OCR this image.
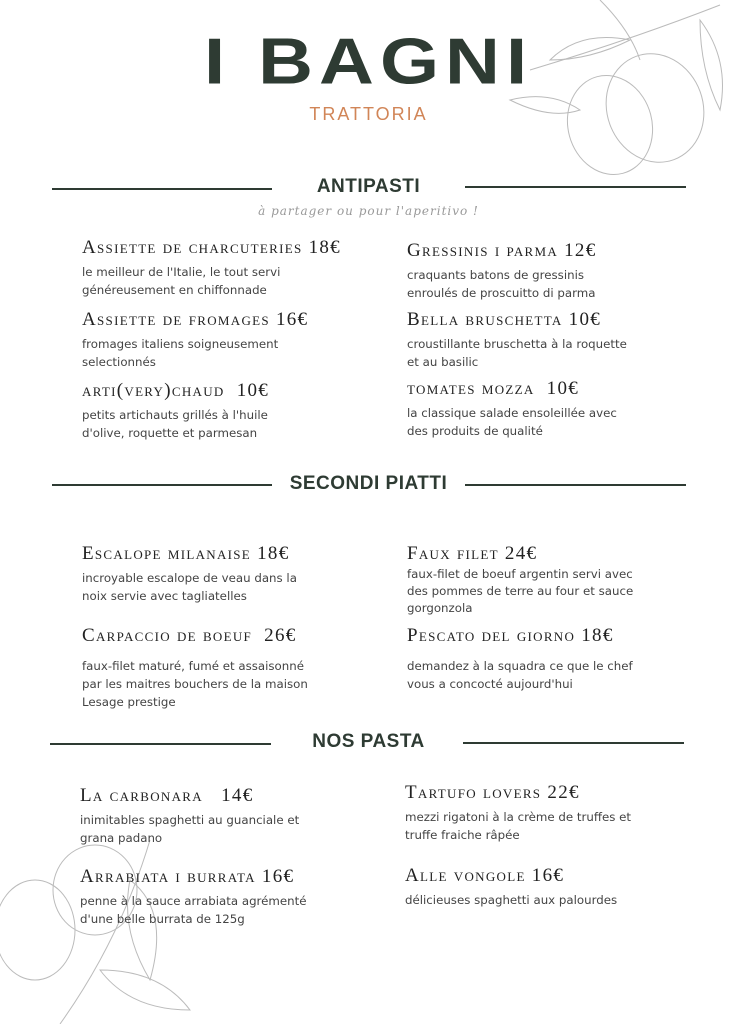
I BAGNI
TRATTORIA
ANTIPASTI
à partager ou pour l'aperitivo !
Assiette de charcuteries 18€
le meilleur de l'Italie, le tout servi
généreusement en chiffonnade
Gressinis i parma 12€
craquants batons de gressinis
enroulés de proscuitto di parma
Assiette de fromages 16€
fromages italiens soigneusement
selectionnés
Bella bruschetta 10€
croustillante bruschetta à la roquette
et au basilic
arti(very)chaud  10€
petits artichauts grillés à l'huile
d'olive, roquette et parmesan
tomates mozza  10€
la classique salade ensoleillée avec
des produits de qualité
SECONDI PIATTI
Escalope milanaise 18€
incroyable escalope de veau dans la
noix servie avec tagliatelles
Faux filet 24€
faux-filet de boeuf argentin servi avec
des pommes de terre au four et sauce
gorgonzola
Carpaccio de boeuf  26€
faux-filet maturé, fumé et assaisonné
par les maitres bouchers de la maison
Lesage prestige
Pescato del giorno 18€
demandez à la squadra ce que le chef
vous a concocté aujourd'hui
NOS PASTA
La carbonara   14€
inimitables spaghetti au guanciale et
grana padano
Tartufo lovers 22€
mezzi rigatoni à la crème de truffes et
truffe fraiche râpée
Arrabiata i burrata 16€
penne à la sauce arrabiata agrémenté
d'une belle burrata de 125g
Alle vongole 16€
délicieuses spaghetti aux palourdes
